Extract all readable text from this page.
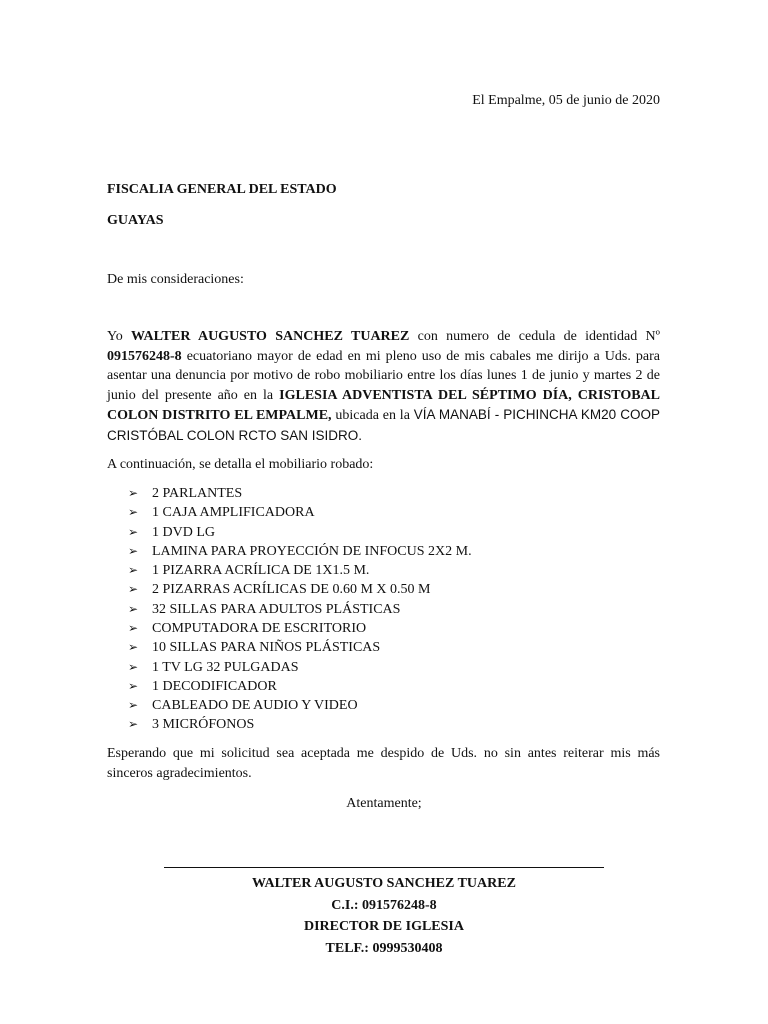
El Empalme, 05 de junio de 2020
FISCALIA GENERAL DEL ESTADO
GUAYAS
De mis consideraciones:
Yo WALTER AUGUSTO SANCHEZ TUAREZ con numero de cedula de identidad Nº 091576248-8 ecuatoriano mayor de edad en mi pleno uso de mis cabales me dirijo a Uds. para asentar una denuncia por motivo de robo mobiliario entre los días lunes 1 de junio y martes 2 de junio del presente año en la IGLESIA ADVENTISTA DEL SÉPTIMO DÍA, CRISTOBAL COLON DISTRITO EL EMPALME, ubicada en la VÍA MANABÍ - PICHINCHA KM20 COOP CRISTÓBAL COLON RCTO SAN ISIDRO.
A continuación, se detalla el mobiliario robado:
➢ 2 PARLANTES
➢ 1 CAJA AMPLIFICADORA
➢ 1 DVD LG
➢ LAMINA PARA PROYECCIÓN DE INFOCUS 2X2 M.
➢ 1 PIZARRA ACRÍLICA DE 1X1.5 M.
➢ 2 PIZARRAS ACRÍLICAS DE 0.60 M X 0.50 M
➢ 32 SILLAS PARA ADULTOS PLÁSTICAS
➢ COMPUTADORA DE ESCRITORIO
➢ 10 SILLAS PARA NIÑOS PLÁSTICAS
➢ 1 TV LG 32 PULGADAS
➢ 1 DECODIFICADOR
➢ CABLEADO DE AUDIO Y VIDEO
➢ 3 MICRÓFONOS
Esperando que mi solicitud sea aceptada me despido de Uds. no sin antes reiterar mis más sinceros agradecimientos.
Atentamente;
WALTER AUGUSTO SANCHEZ TUAREZ
C.I.: 091576248-8
DIRECTOR DE IGLESIA
TELF.: 0999530408
